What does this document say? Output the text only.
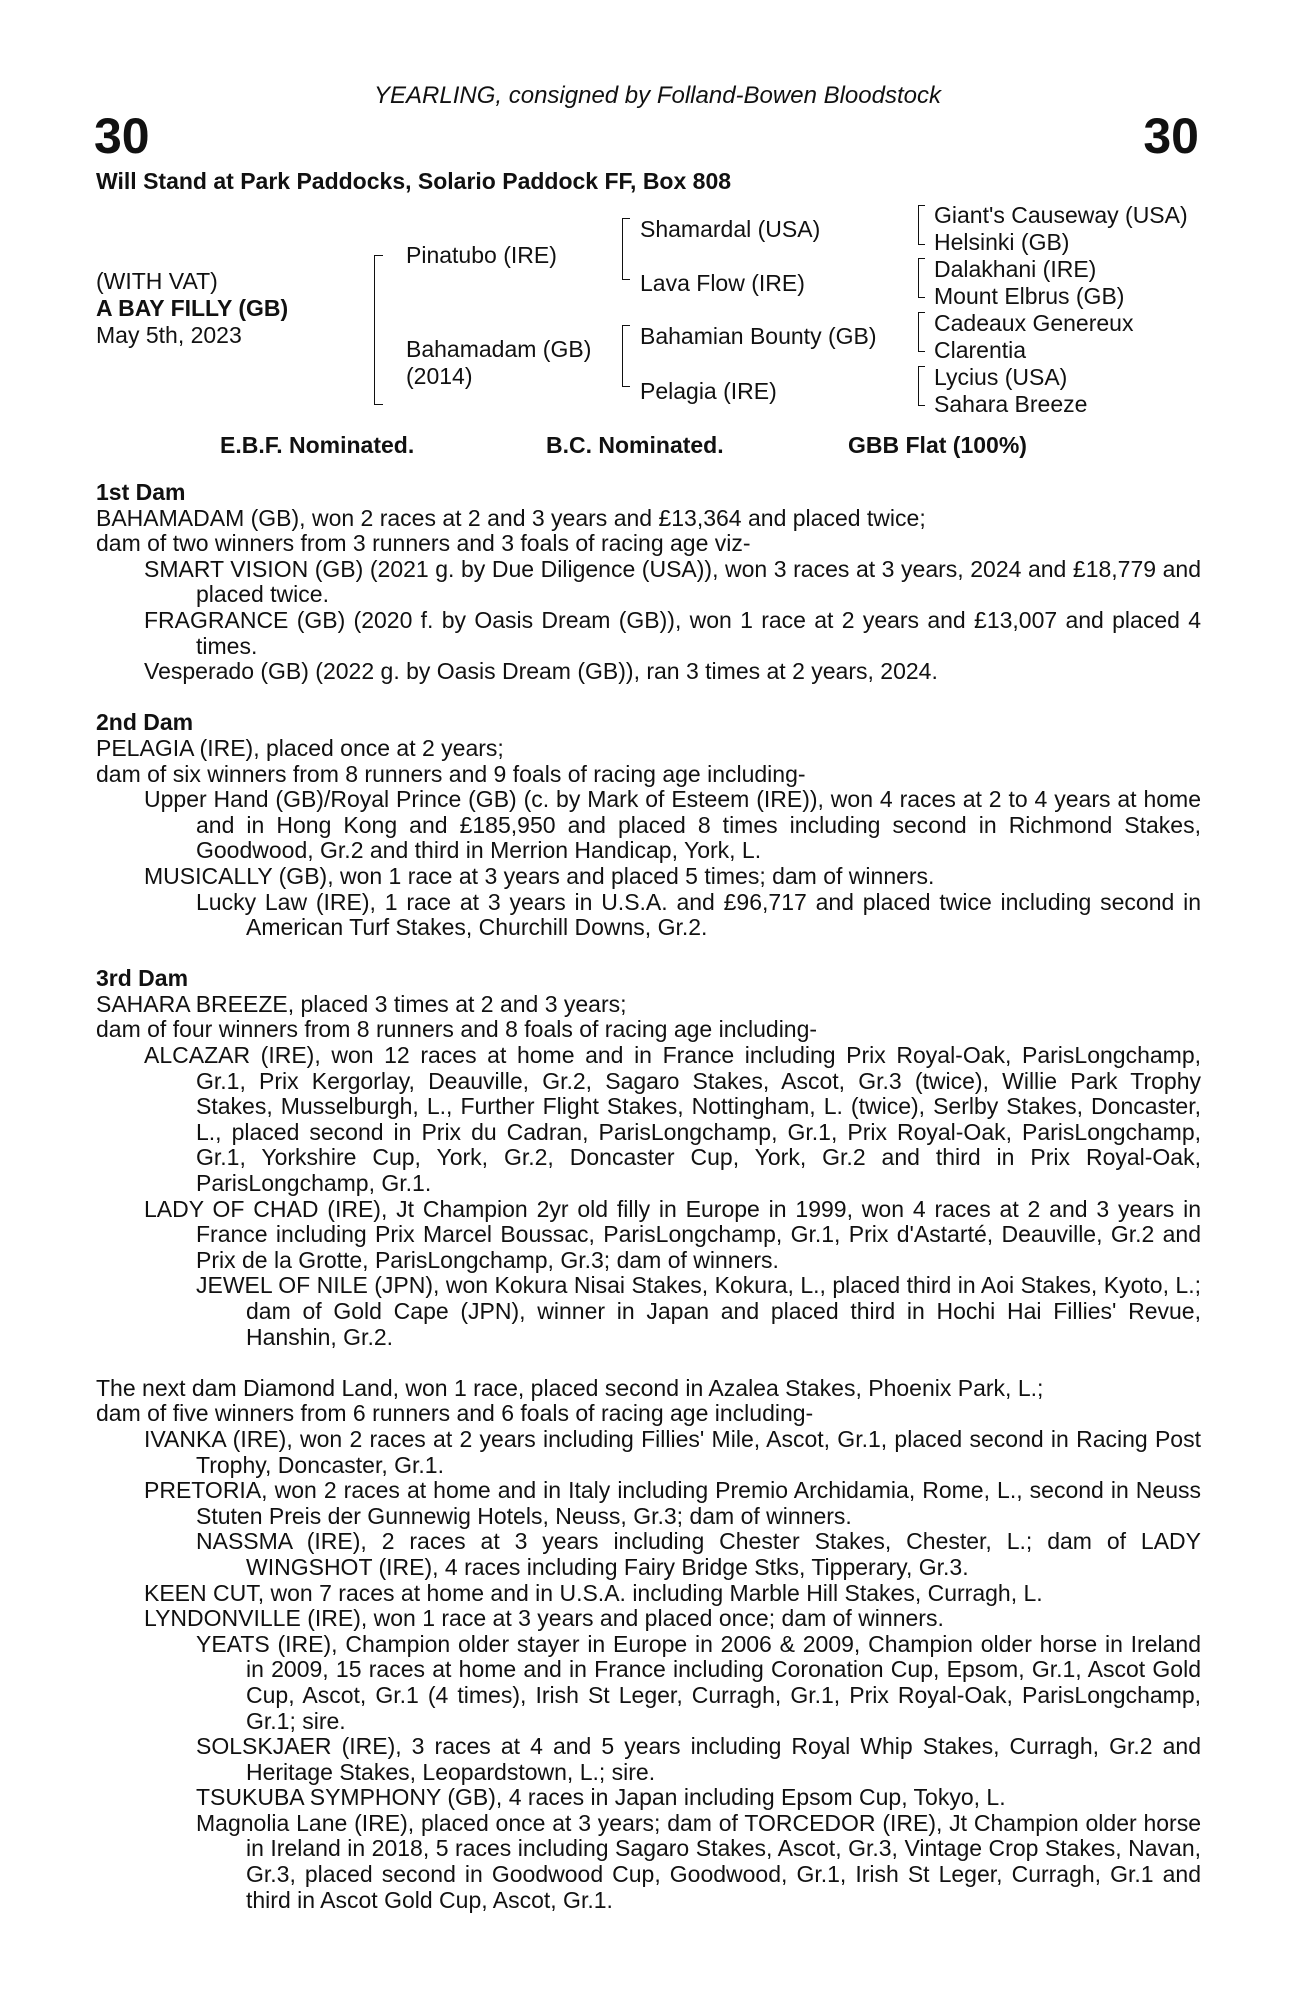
YEARLING, consigned by Folland-Bowen Bloodstock
30	30
Will Stand at Park Paddocks, Solario Paddock FF, Box 808
(WITH VAT)
A BAY FILLY (GB)
May 5th, 2023
Pinatubo (IRE)
Bahamadam (GB)
(2014)
Shamardal (USA)
Lava Flow (IRE)
Bahamian Bounty (GB)
Pelagia (IRE)
Giant's Causeway (USA)
Helsinki (GB)
Dalakhani (IRE)
Mount Elbrus (GB)
Cadeaux Genereux
Clarentia
Lycius (USA)
Sahara Breeze
E.B.F. Nominated.	B.C. Nominated.	GBB Flat (100%)

1st Dam

BAHAMADAM (GB), won 2 races at 2 and 3 years and £13,364 and placed twice;

dam of two winners from 3 runners and 3 foals of racing age viz-

SMART VISION (GB) (2021 g. by Due Diligence (USA)), won 3 races at 3 years, 2024 and £18,779 and placed twice.

FRAGRANCE (GB) (2020 f. by Oasis Dream (GB)), won 1 race at 2 years and £13,007 and placed 4 times.

Vesperado (GB) (2022 g. by Oasis Dream (GB)), ran 3 times at 2 years, 2024.

2nd Dam

PELAGIA (IRE), placed once at 2 years;

dam of six winners from 8 runners and 9 foals of racing age including-

Upper Hand (GB)/Royal Prince (GB) (c. by Mark of Esteem (IRE)), won 4 races at 2 to 4 years at home and in Hong Kong and £185,950 and placed 8 times including second in Richmond Stakes, Goodwood, Gr.2 and third in Merrion Handicap, York, L.

MUSICALLY (GB), won 1 race at 3 years and placed 5 times; dam of winners.

Lucky Law (IRE), 1 race at 3 years in U.S.A. and £96,717 and placed twice including second in American Turf Stakes, Churchill Downs, Gr.2.

3rd Dam

SAHARA BREEZE, placed 3 times at 2 and 3 years;

dam of four winners from 8 runners and 8 foals of racing age including-

ALCAZAR (IRE), won 12 races at home and in France including Prix Royal-Oak, ParisLongchamp, Gr.1, Prix Kergorlay, Deauville, Gr.2, Sagaro Stakes, Ascot, Gr.3 (twice), Willie Park Trophy Stakes, Musselburgh, L., Further Flight Stakes, Nottingham, L. (twice), Serlby Stakes, Doncaster, L., placed second in Prix du Cadran, ParisLongchamp, Gr.1, Prix Royal-Oak, ParisLongchamp, Gr.1, Yorkshire Cup, York, Gr.2, Doncaster Cup, York, Gr.2 and third in Prix Royal-Oak, ParisLongchamp, Gr.1.

LADY OF CHAD (IRE), Jt Champion 2yr old filly in Europe in 1999, won 4 races at 2 and 3 years in France including Prix Marcel Boussac, ParisLongchamp, Gr.1, Prix d'Astarté, Deauville, Gr.2 and Prix de la Grotte, ParisLongchamp, Gr.3; dam of winners.

JEWEL OF NILE (JPN), won Kokura Nisai Stakes, Kokura, L., placed third in Aoi Stakes, Kyoto, L.; dam of Gold Cape (JPN), winner in Japan and placed third in Hochi Hai Fillies' Revue, Hanshin, Gr.2.

The next dam Diamond Land, won 1 race, placed second in Azalea Stakes, Phoenix Park, L.;

dam of five winners from 6 runners and 6 foals of racing age including-

IVANKA (IRE), won 2 races at 2 years including Fillies' Mile, Ascot, Gr.1, placed second in Racing Post Trophy, Doncaster, Gr.1.

PRETORIA, won 2 races at home and in Italy including Premio Archidamia, Rome, L., second in Neuss Stuten Preis der Gunnewig Hotels, Neuss, Gr.3; dam of winners.

NASSMA (IRE), 2 races at 3 years including Chester Stakes, Chester, L.; dam of LADY WINGSHOT (IRE), 4 races including Fairy Bridge Stks, Tipperary, Gr.3.

KEEN CUT, won 7 races at home and in U.S.A. including Marble Hill Stakes, Curragh, L.

LYNDONVILLE (IRE), won 1 race at 3 years and placed once; dam of winners.

YEATS (IRE), Champion older stayer in Europe in 2006 & 2009, Champion older horse in Ireland in 2009, 15 races at home and in France including Coronation Cup, Epsom, Gr.1, Ascot Gold Cup, Ascot, Gr.1 (4 times), Irish St Leger, Curragh, Gr.1, Prix Royal-Oak, ParisLongchamp, Gr.1; sire.

SOLSKJAER (IRE), 3 races at 4 and 5 years including Royal Whip Stakes, Curragh, Gr.2 and Heritage Stakes, Leopardstown, L.; sire.

TSUKUBA SYMPHONY (GB), 4 races in Japan including Epsom Cup, Tokyo, L.

Magnolia Lane (IRE), placed once at 3 years; dam of TORCEDOR (IRE), Jt Champion older horse in Ireland in 2018, 5 races including Sagaro Stakes, Ascot, Gr.3, Vintage Crop Stakes, Navan, Gr.3, placed second in Goodwood Cup, Goodwood, Gr.1, Irish St Leger, Curragh, Gr.1 and third in Ascot Gold Cup, Ascot, Gr.1.
